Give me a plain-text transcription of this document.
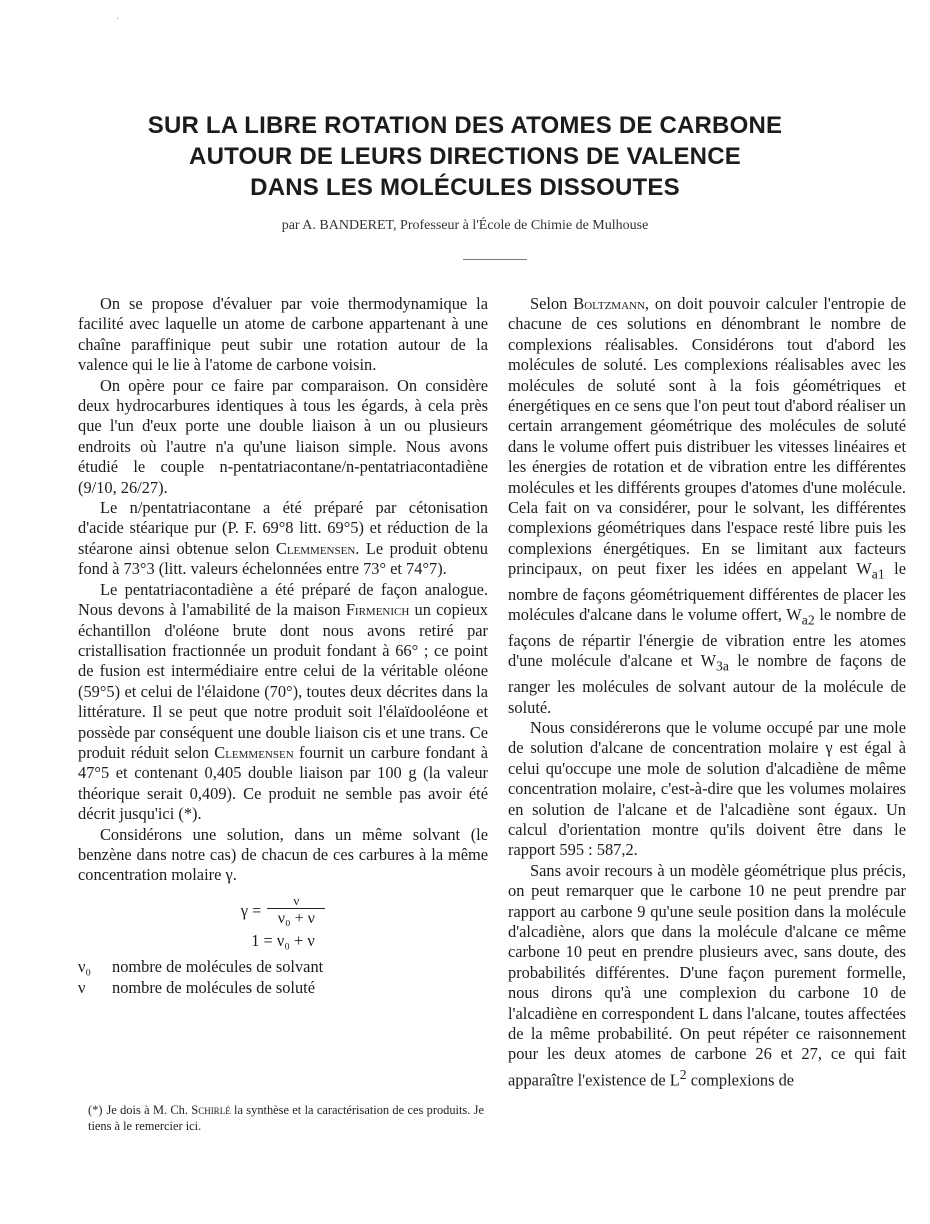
'
SUR LA LIBRE ROTATION DES ATOMES DE CARBONE
AUTOUR DE LEURS DIRECTIONS DE VALENCE
DANS LES MOLÉCULES DISSOUTES
par A. BANDERET, Professeur à l'École de Chimie de Mulhouse

On se propose d'évaluer par voie thermodynamique la facilité avec laquelle un atome de carbone appartenant à une chaîne paraffinique peut subir une rotation autour de la valence qui le lie à l'atome de carbone voisin.

On opère pour ce faire par comparaison. On considère deux hydrocarbures identiques à tous les égards, à cela près que l'un d'eux porte une double liaison à un ou plusieurs endroits où l'autre n'a qu'une liaison simple. Nous avons étudié le couple n-pentatriacontane/n-pentatriacontadiène (9/10, 26/27).

Le n/pentatriacontane a été préparé par cétonisation d'acide stéarique pur (P. F. 69°8 litt. 69°5) et réduction de la stéarone ainsi obtenue selon Clemmensen. Le produit obtenu fond à 73°3 (litt. valeurs échelonnées entre 73° et 74°7).

Le pentatriacontadiène a été préparé de façon analogue. Nous devons à l'amabilité de la maison Firmenich un copieux échantillon d'oléone brute dont nous avons retiré par cristallisation fractionnée un produit fondant à 66° ; ce point de fusion est intermédiaire entre celui de la véritable oléone (59°5) et celui de l'élaidone (70°), toutes deux décrites dans la littérature. Il se peut que notre produit soit l'élaïdooléone et possède par conséquent une double liaison cis et une trans. Ce produit réduit selon Clemmensen fournit un carbure fondant à 47°5 et contenant 0,405 double liaison par 100 g (la valeur théorique serait 0,409). Ce produit ne semble pas avoir été décrit jusqu'ici (*).

Considérons une solution, dans un même solvant (le benzène dans notre cas) de chacun de ces carbures à la même concentration molaire γ.

$\gamma = \frac{\nu}{\text{ν₀ + ν}}$
1 = ν₀ + ν
ν₀	nombre de molécules de solvant
ν	nombre de molécules de soluté
(*) Je dois à M. Ch. Schirlé la synthèse et la caractérisation de ces produits. Je tiens à le remercier ici.

Selon Boltzmann, on doit pouvoir calculer l'entropie de chacune de ces solutions en dénombrant le nombre de complexions réalisables. Considérons tout d'abord les molécules de soluté. Les complexions réalisables avec les molécules de soluté sont à la fois géométriques et énergétiques en ce sens que l'on peut tout d'abord réaliser un certain arrangement géométrique des molécules de soluté dans le volume offert puis distribuer les vitesses linéaires et les énergies de rotation et de vibration entre les différentes molécules et les différents groupes d'atomes d'une molécule. Cela fait on va considérer, pour le solvant, les différentes complexions géométriques dans l'espace resté libre puis les complexions énergétiques. En se limitant aux facteurs principaux, on peut fixer les idées en appelant $W_{a1}$ le nombre de façons géométriquement différentes de placer les molécules d'alcane dans le volume offert, $W_{a2}$ le nombre de façons de répartir l'énergie de vibration entre les atomes d'une molécule d'alcane et $W_{3a}$ le nombre de façons de ranger les molécules de solvant autour de la molécule de soluté.

Nous considérerons que le volume occupé par une mole de solution d'alcane de concentration molaire γ est égal à celui qu'occupe une mole de solution d'alcadiène de même concentration molaire, c'est-à-dire que les volumes molaires en solution de l'alcane et de l'alcadiène sont égaux. Un calcul d'orientation montre qu'ils doivent être dans le rapport 595 : 587,2.

Sans avoir recours à un modèle géométrique plus précis, on peut remarquer que le carbone 10 ne peut prendre par rapport au carbone 9 qu'une seule position dans la molécule d'alcadiène, alors que dans la molécule d'alcane ce même carbone 10 peut en prendre plusieurs avec, sans doute, des probabilités différentes. D'une façon purement formelle, nous dirons qu'à une complexion du carbone 10 de l'alcadiène en correspondent L dans l'alcane, toutes affectées de la même probabilité. On peut répéter ce raisonnement pour les deux atomes de carbone 26 et 27, ce qui fait apparaître l'existence de $L^2$ complexions de
